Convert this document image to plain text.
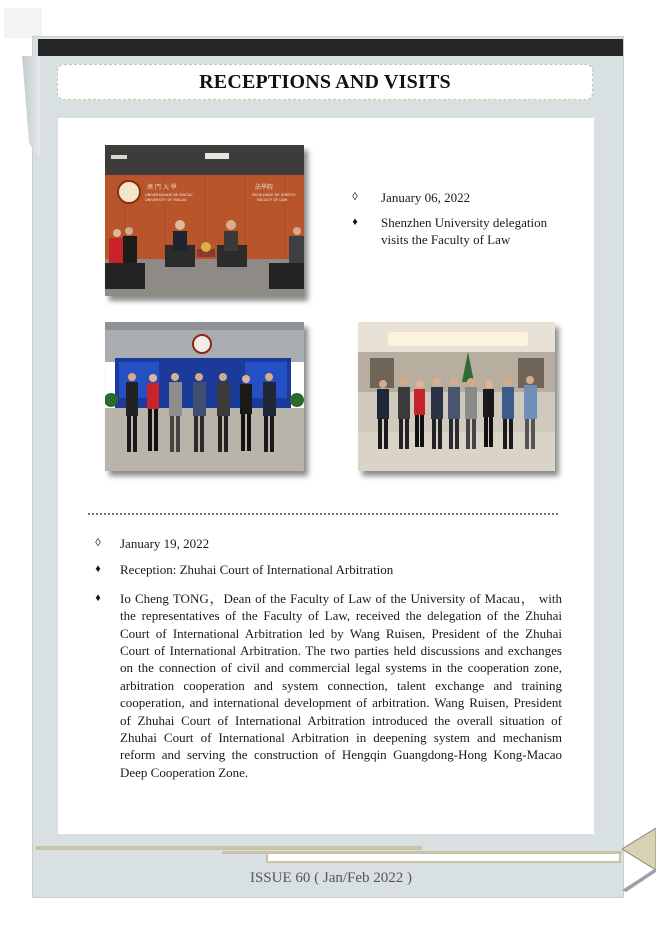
RECEPTIONS AND VISITS
澳 門 大 學
UNIVERSIDADE DE MACAU
UNIVERSITY OF MACAU
法學院
FACULDADE DE DIREITO
FACULTY OF LAW	◊	January 06, 2022
♦	Shenzhen University delegation visits the Faculty of Law
◊	January 19, 2022
♦	Reception: Zhuhai Court of International Arbitration
♦	Io Cheng TONG，Dean of the Faculty of Law of the University of Macau， with the representatives of the Faculty of Law, received the delegation of the Zhuhai Court of International Arbitration led by Wang Ruisen, President of the Zhuhai Court of International Arbitration. The two parties held discussions and exchanges on the connection of civil and commercial legal systems in the cooperation zone, arbitration cooperation and system connection, talent exchange and training cooperation, and international development of arbitration. Wang Ruisen, President of Zhuhai Court of International Arbitration introduced the overall situation of Zhuhai Court of International Arbitration in deepening system and mechanism reform and serving the construction of Hengqin Guangdong-Hong Kong-Macao Deep Cooperation Zone.
ISSUE 60 ( Jan/Feb 2022 )
